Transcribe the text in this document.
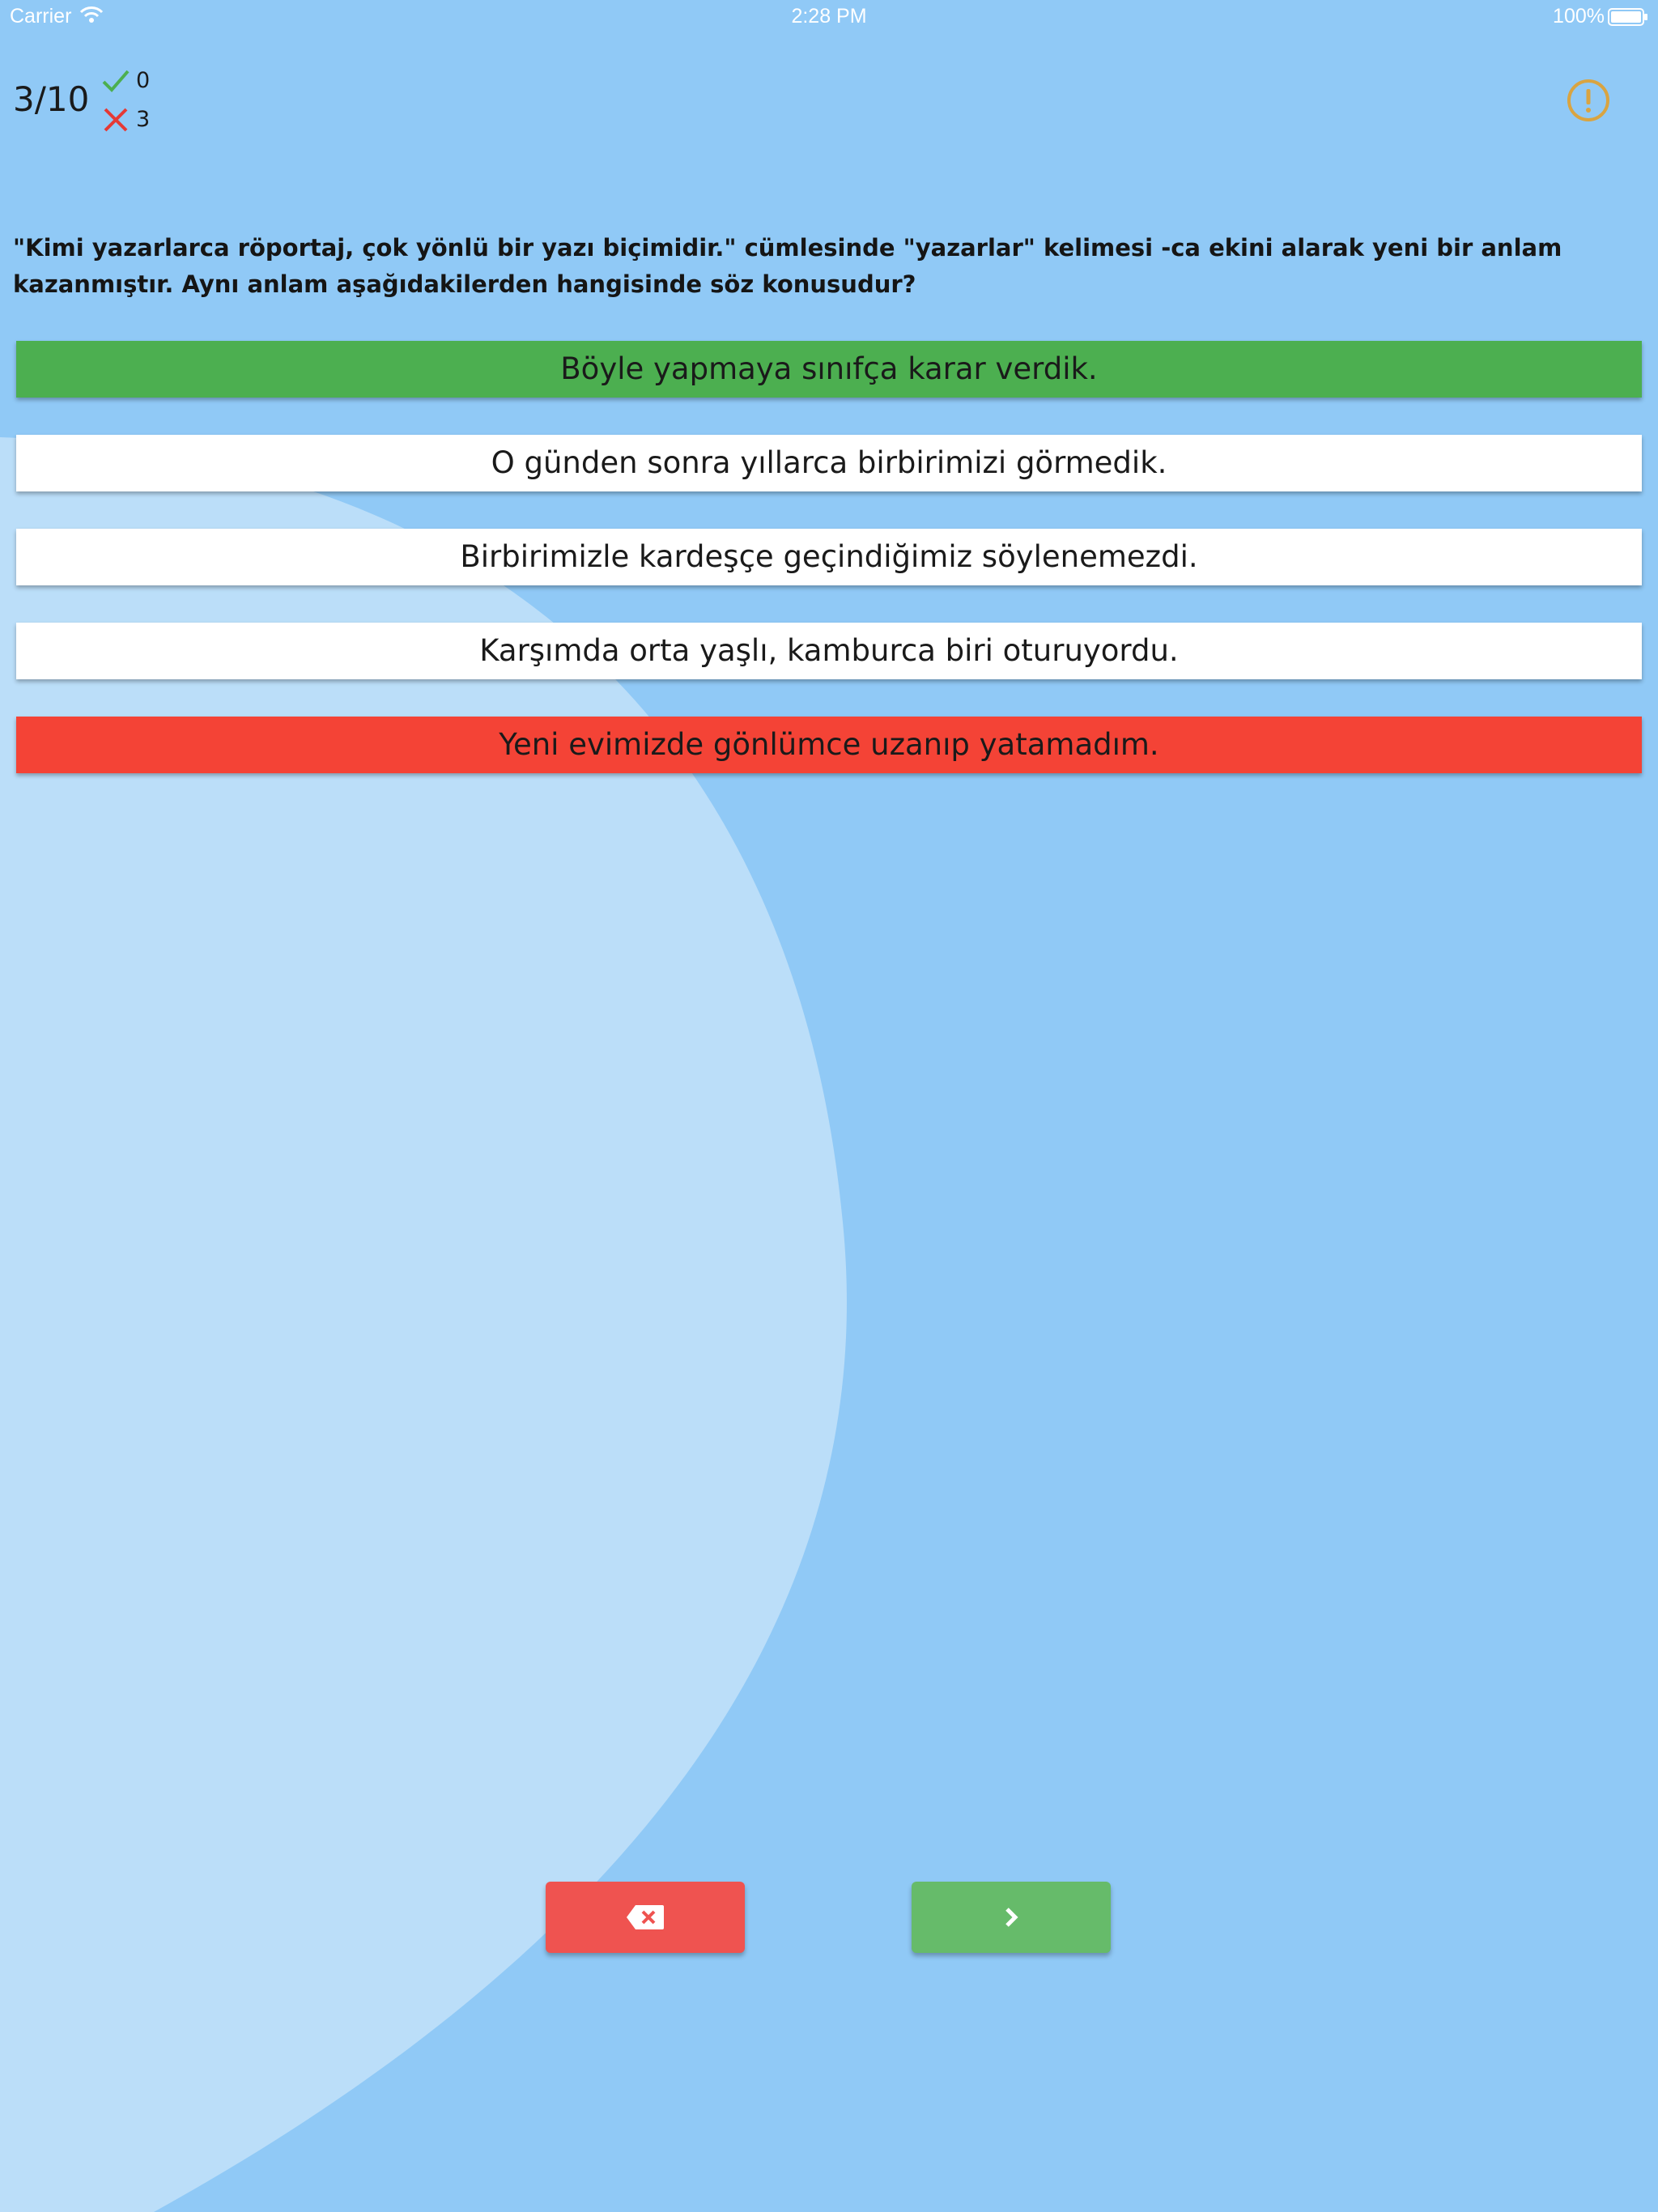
Carrier	2:28 PM	100%
3/10 0
3
"Kimi yazarlarca röportaj, çok yönlü bir yazı biçimidir." cümlesinde "yazarlar" kelimesi -ca ekini alarak yeni bir anlam kazanmıştır. Aynı anlam aşağıdakilerden hangisinde söz konusudur?
Böyle yapmaya sınıfça karar verdik.
O günden sonra yıllarca birbirimizi görmedik.
Birbirimizle kardeşçe geçindiğimiz söylenemezdi.
Karşımda orta yaşlı, kamburca biri oturuyordu.
Yeni evimizde gönlümce uzanıp yatamadım.
